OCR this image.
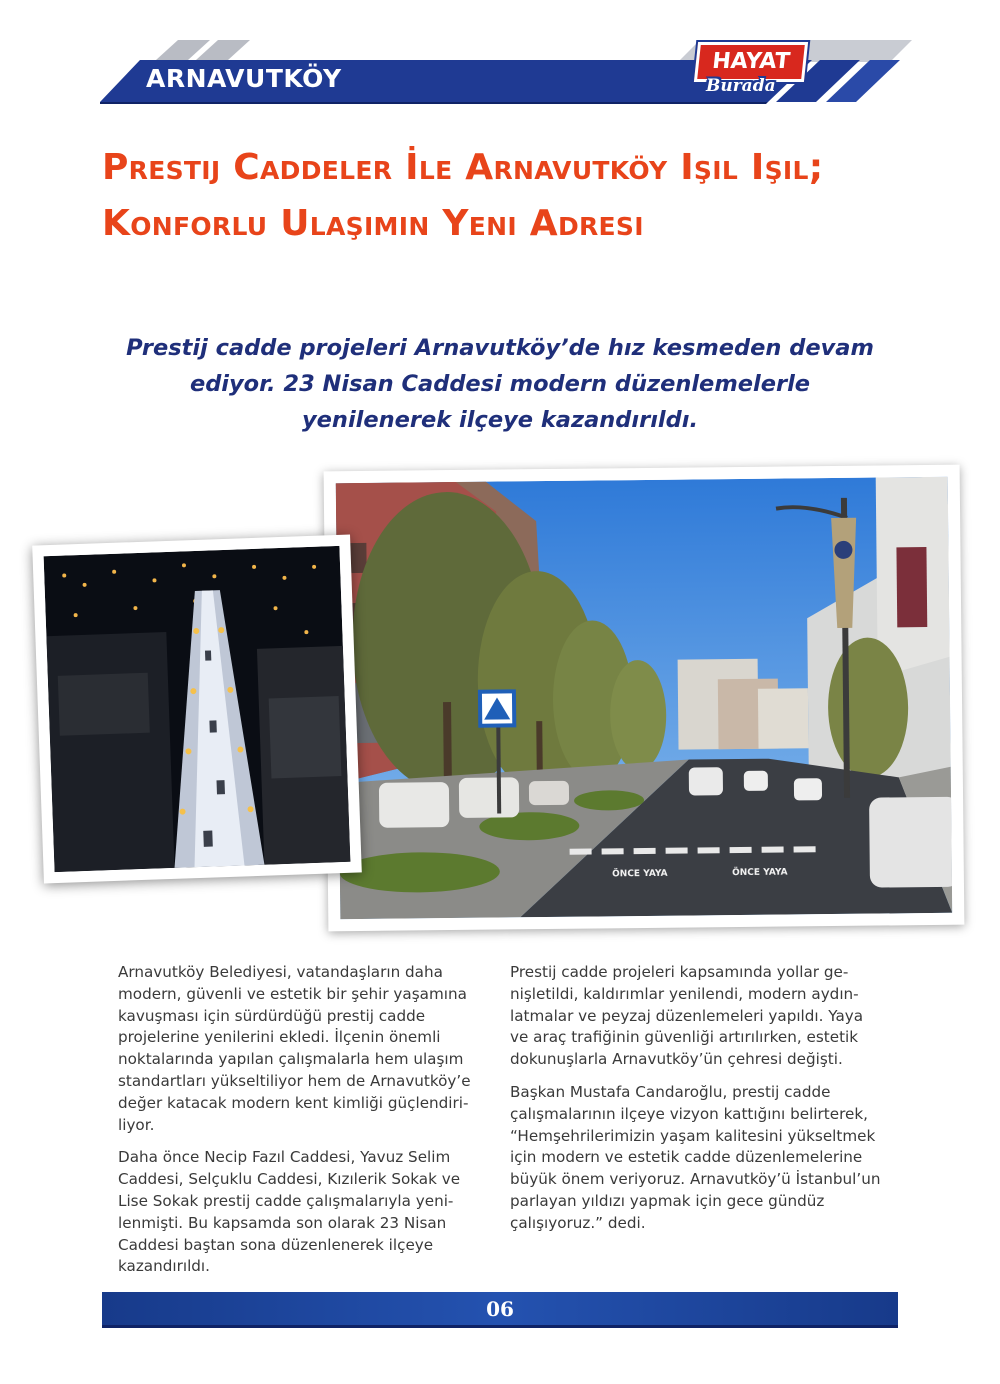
ARNAVUTKÖY
HAYAT
Burada
Prestij Caddeler İle Arnavutköy Işıl Işıl; Konforlu Ulaşımın Yeni Adresi

Prestij cadde projeleri Arnavutköy’de hız kesmeden devam ediyor. 23 Nisan Caddesi modern düzenlemelerle yenilenerek ilçeye kazandırıldı.

ÖNCE YAYA	ÖNCE YAYA

Arnavutköy Belediyesi, vatandaşların daha modern, güvenli ve estetik bir şehir yaşamına kavuşması için sürdürdüğü prestij cadde projelerine yenilerini ekledi. İlçenin önemli noktalarında yapılan çalışmalarla hem ulaşım standartları yükseltiliyor hem de Arnavutköy’e değer katacak modern kent kimliği güçlendiriliyor.

Daha önce Necip Fazıl Caddesi, Yavuz Selim Caddesi, Selçuklu Caddesi, Kızılerik Sokak ve Lise Sokak prestij cadde çalışmalarıyla yenilenmişti. Bu kapsamda son olarak 23 Nisan Caddesi baştan sona düzenlenerek ilçeye kazandırıldı.

Prestij cadde projeleri kapsamında yollar genişletildi, kaldırımlar yenilendi, modern aydınlatmalar ve peyzaj düzenlemeleri yapıldı. Yaya ve araç trafiğinin güvenliği artırılırken, estetik dokunuşlarla Arnavutköy’ün çehresi değişti.

Başkan Mustafa Candaroğlu, prestij cadde çalışmalarının ilçeye vizyon kattığını belirterek, “Hemşehrilerimizin yaşam kalitesini yükseltmek için modern ve estetik cadde düzenlemelerine büyük önem veriyoruz. Arnavutköy’ü İstanbul’un parlayan yıldızı yapmak için gece gündüz çalışıyoruz.” dedi.

06
